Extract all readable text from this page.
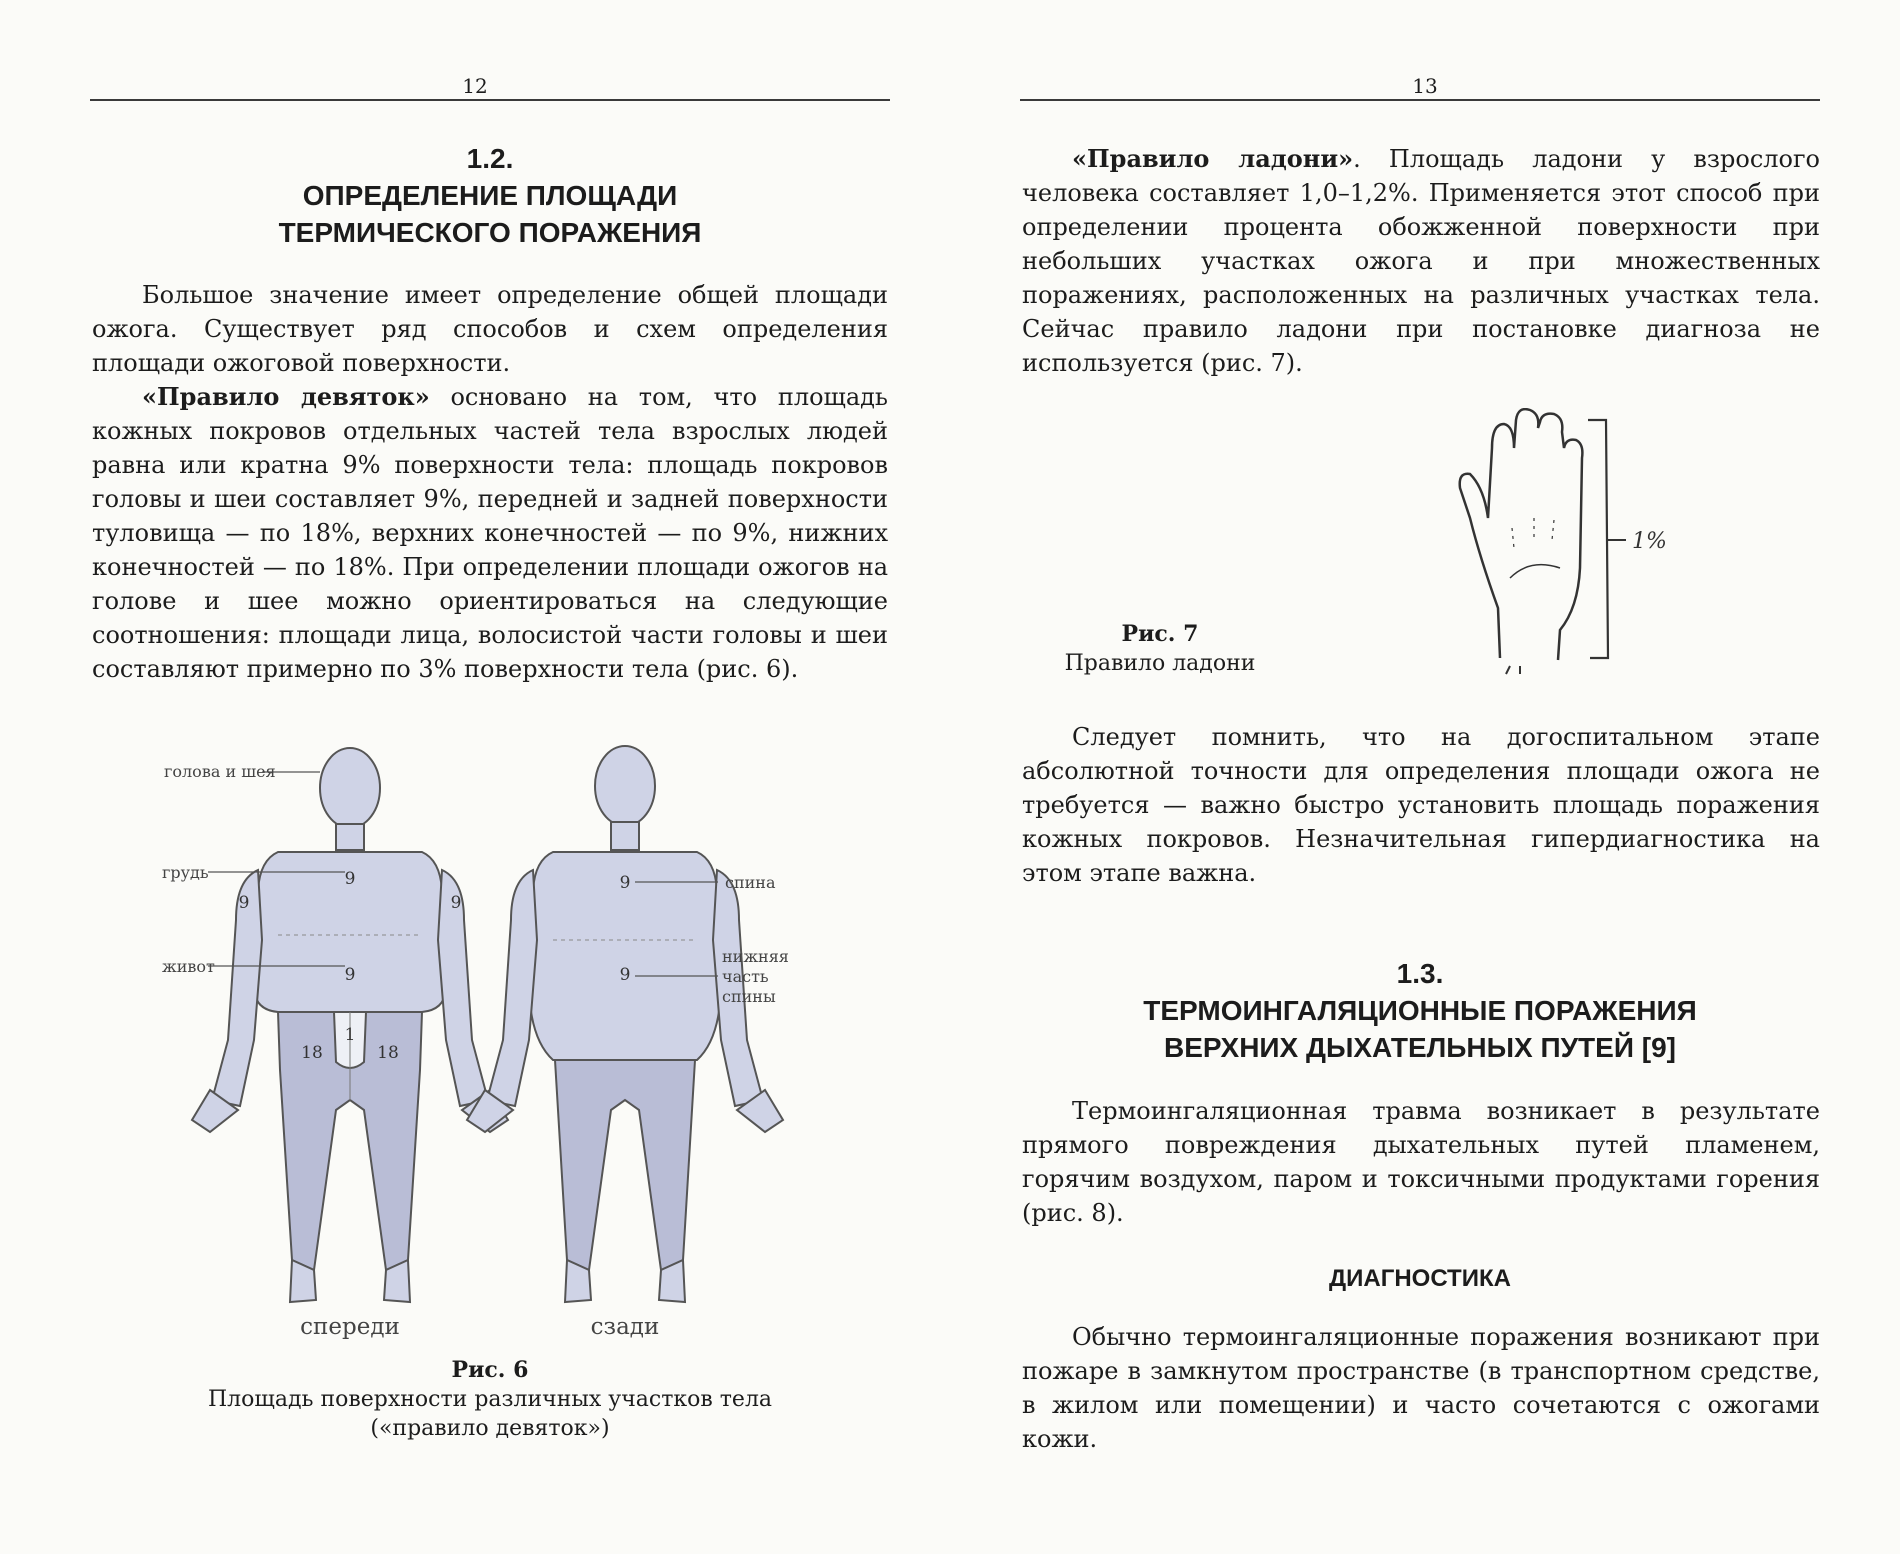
12
1.2.
ОПРЕДЕЛЕНИЕ ПЛОЩАДИ
ТЕРМИЧЕСКОГО ПОРАЖЕНИЯ
Большое значение имеет определение общей площади ожога. Существует ряд способов и схем определения площади ожоговой поверхности.
«Правило девяток» основано на том, что площадь кожных покровов отдельных частей тела взрослых людей равна или кратна 9% поверхности тела: площадь покровов головы и шеи составляет 9%, передней и задней поверхности туловища — по 18%, верхних конечностей — по 9%, нижних конечностей — по 18%. При определении площади ожогов на голове и шее можно ориентироваться на следующие соотношения: площади лица, волосистой части головы и шеи составляют примерно по 3% поверхности тела (рис. 6).
9
9	9
9
1
18	18
голова и шея
грудь
живот
9
9
спина
нижняя
часть
спины
спереди	сзади
Рис. 6
Площадь поверхности различных участков тела
(«правило девяток»)
13
«Правило ладони». Площадь ладони у взрослого человека составляет 1,0–1,2%. Применяется этот способ при определении процента обожженной поверхности при небольших участках ожога и при множественных поражениях, расположенных на различных участках тела. Сейчас правило ладони при постановке диагноза не используется (рис. 7).
1%
Рис. 7
Правило ладони
Следует помнить, что на догоспитальном этапе абсолютной точности для определения площади ожога не требуется — важно быстро установить площадь поражения кожных покровов. Незначительная гипердиагностика на этом этапе важна.
1.3.
ТЕРМОИНГАЛЯЦИОННЫЕ ПОРАЖЕНИЯ
ВЕРХНИХ ДЫХАТЕЛЬНЫХ ПУТЕЙ [9]
Термоингаляционная травма возникает в результате прямого повреждения дыхательных путей пламенем, горячим воздухом, паром и токсичными продуктами горения (рис. 8).
ДИАГНОСТИКА
Обычно термоингаляционные поражения возникают при пожаре в замкнутом пространстве (в транспортном средстве, в жилом или помещении) и часто сочетаются с ожогами кожи.
